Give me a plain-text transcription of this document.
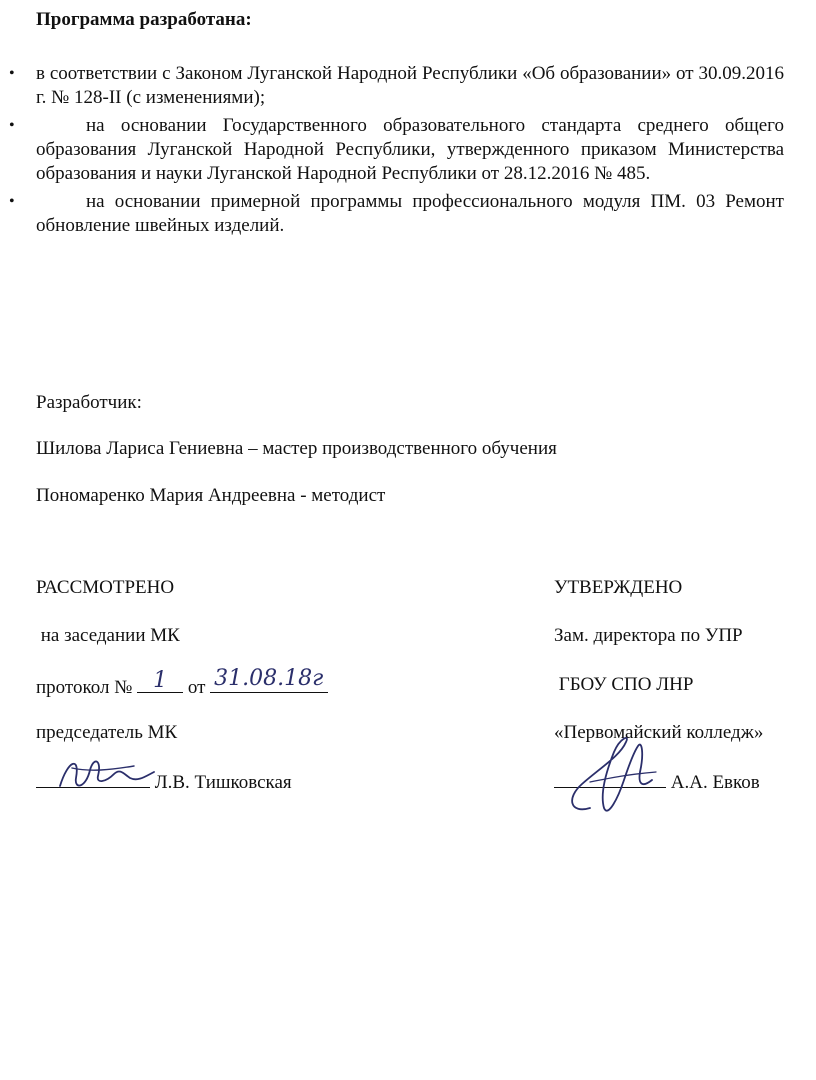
Программа разработана:

• в соответствии с Законом Луганской Народной Республики «Об образовании» от 30.09.2016 г. № 128-II (с изменениями);

•	на основании Государственного образовательного стандарта среднего общего образования Луганской Народной Республики, утвержденного приказом Министерства образования и науки Луганской Народной Республики от 28.12.2016 № 485.

•	на основании примерной программы профессионального модуля ПМ. 03 Ремонт обновление швейных изделий.

Разработчик:
Шилова Лариса Гениевна – мастер производственного обучения
Пономаренко Мария Андреевна - методист
РАССМОТРЕНО
на заседании МК
протокол № 1 от 31.08.18г
председатель МК
Л.В. Тишковская
УТВЕРЖДЕНО
Зам. директора по УПР
ГБОУ СПО ЛНР
«Первомайский колледж»
А.А. Евков
